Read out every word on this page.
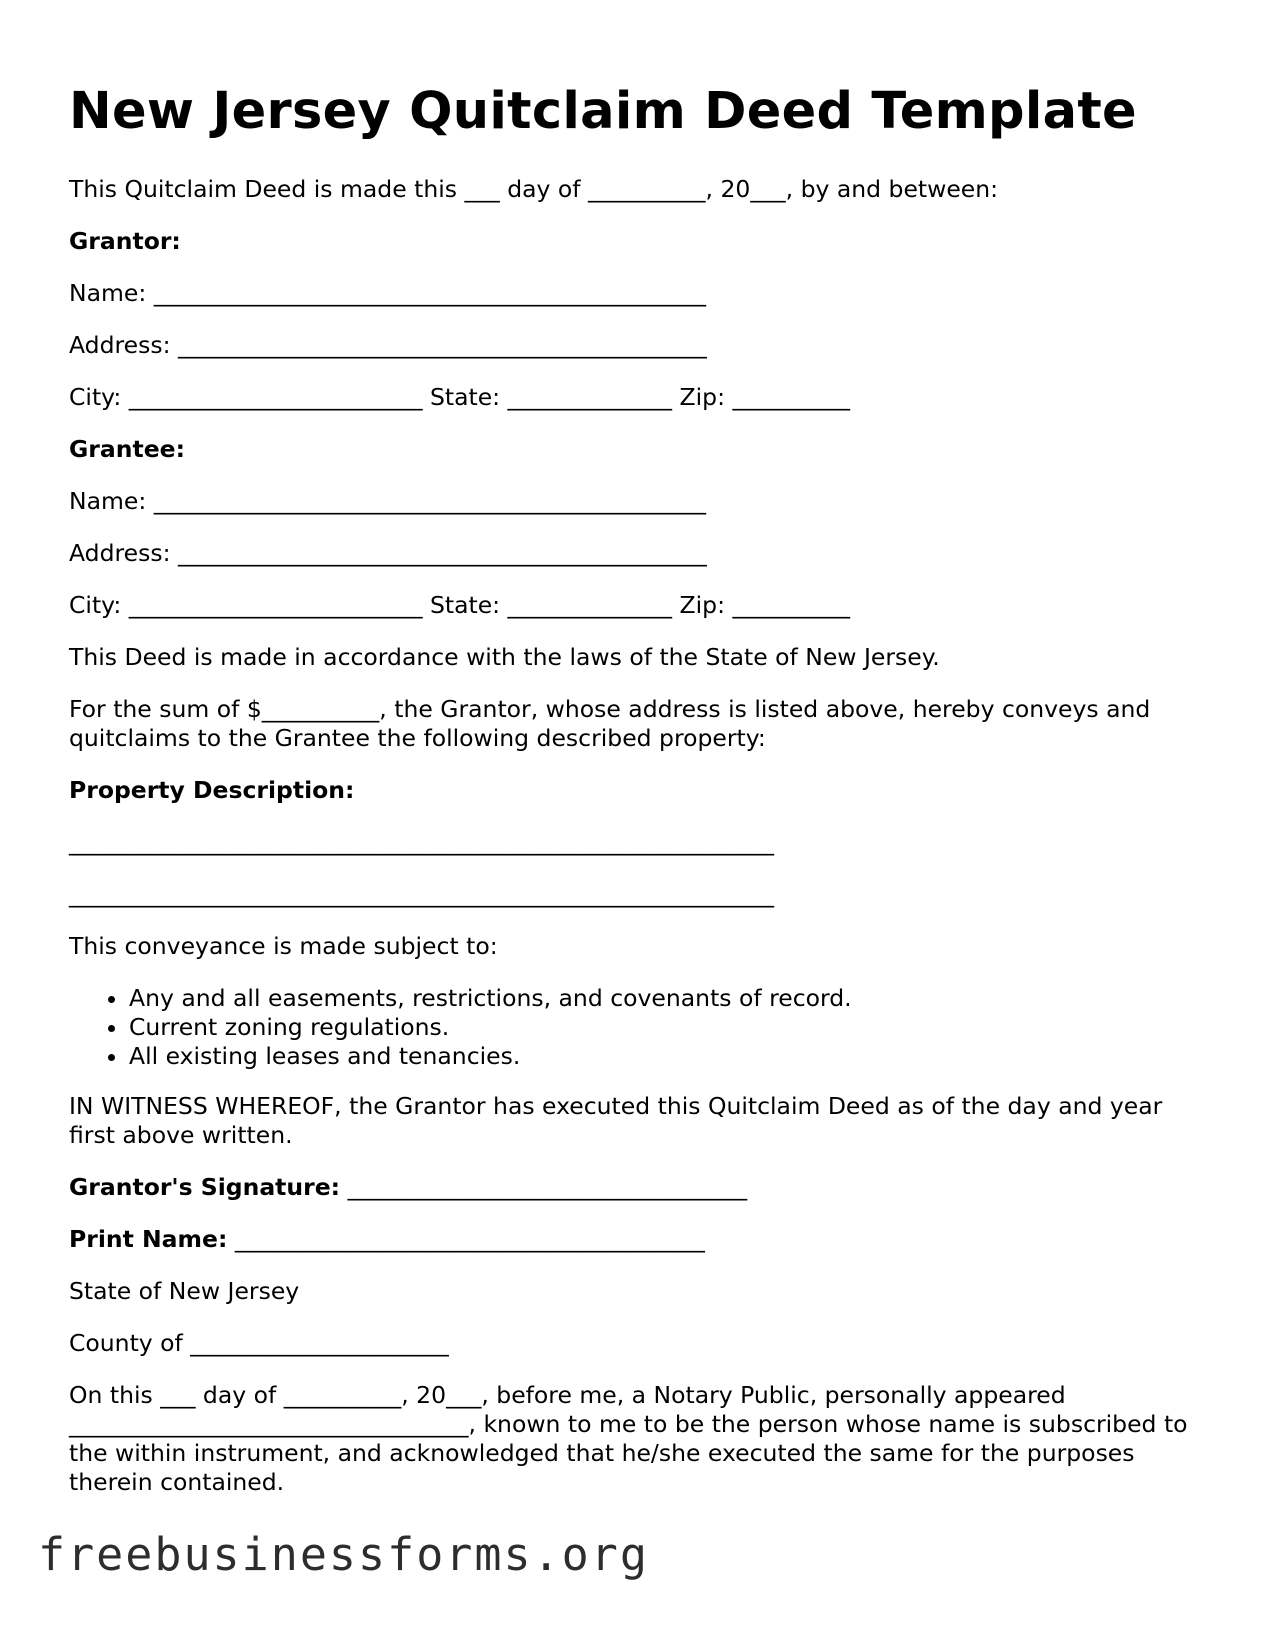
New Jersey Quitclaim Deed Template
This Quitclaim Deed is made this ___ day of __________, 20___, by and between:
Grantor:
Name: _______________________________________________
Address: _____________________________________________
City: _________________________ State: ______________ Zip: __________
Grantee:
Name: _______________________________________________
Address: _____________________________________________
City: _________________________ State: ______________ Zip: __________
This Deed is made in accordance with the laws of the State of New Jersey.
For the sum of $__________, the Grantor, whose address is listed above, hereby conveys and quitclaims to the Grantee the following described property:
Property Description:
____________________________________________________________
____________________________________________________________
This conveyance is made subject to:
• Any and all easements, restrictions, and covenants of record.
• Current zoning regulations.
• All existing leases and tenancies.
IN WITNESS WHEREOF, the Grantor has executed this Quitclaim Deed as of the day and year first above written.
Grantor's Signature: __________________________________
Print Name: ________________________________________
State of New Jersey
County of ______________________
On this ___ day of __________, 20___, before me, a Notary Public, personally appeared __________________________________, known to me to be the person whose name is subscribed to the within instrument, and acknowledged that he/she executed the same for the purposes therein contained.
freebusinessforms.org
